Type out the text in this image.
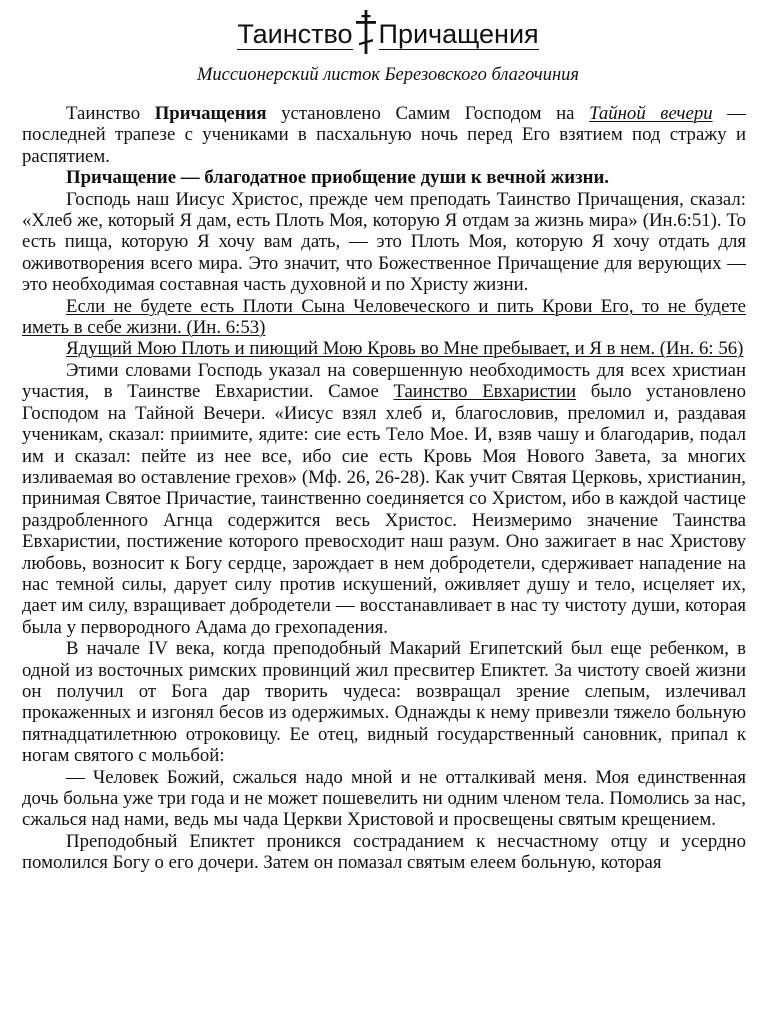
Таинство Причащения
Миссионерский листок Березовского благочиния

Таинство Причащения установлено Самим Господом на Тайной вечери — последней трапезе с учениками в пасхальную ночь перед Его взятием под стражу и распятием.

Причащение — благодатное приобщение души к вечной жизни.

Господь наш Иисус Христос, прежде чем преподать Таинство Причащения, сказал: «Хлеб же, который Я дам, есть Плоть Моя, которую Я отдам за жизнь мира» (Ин.6:51). То есть пища, которую Я хочу вам дать, — это Плоть Моя, которую Я хочу отдать для оживотворения всего мира. Это значит, что Божественное Причащение для верующих — это необходимая составная часть духовной и по Христу жизни.

Если не будете есть Плоти Сына Человеческого и пить Крови Его, то не будете иметь в себе жизни. (Ин. 6:53)

Ядущий Мою Плоть и пиющий Мою Кровь во Мне пребывает, и Я в нем. (Ин. 6: 56)

Этими словами Господь указал на совершенную необходимость для всех христиан участия, в Таинстве Евхаристии. Самое Таинство Евхаристии было установлено Господом на Тайной Вечери. «Иисус взял хлеб и, благословив, преломил и, раздавая ученикам, сказал: приимите, ядите: сие есть Тело Мое. И, взяв чашу и благодарив, подал им и сказал: пейте из нее все, ибо сие есть Кровь Моя Нового Завета, за многих изливаемая во оставление грехов» (Мф. 26, 26-28). Как учит Святая Церковь, христианин, принимая Святое Причастие, таинственно соединяется со Христом, ибо в каждой частице раздробленного Агнца содержится весь Христос. Неизмеримо значение Таинства Евхаристии, постижение которого превосходит наш разум. Оно зажигает в нас Христову любовь, возносит к Богу сердце, зарождает в нем добродетели, сдерживает нападение на нас темной силы, дарует силу против искушений, оживляет душу и тело, исцеляет их, дает им силу, взращивает добродетели — восстанавливает в нас ту чистоту души, которая была у первородного Адама до грехопадения.

В начале IV века, когда преподобный Макарий Египетский был еще ребенком, в одной из восточных римских провинций жил пресвитер Епиктет. За чистоту своей жизни он получил от Бога дар творить чудеса: возвращал зрение слепым, излечивал прокаженных и изгонял бесов из одержимых. Однажды к нему привезли тяжело больную пятнадцатилетнюю отроковицу. Ее отец, видный государственный сановник, припал к ногам святого с мольбой:

— Человек Божий, сжалься надо мной и не отталкивай меня. Моя единственная дочь больна уже три года и не может пошевелить ни одним членом тела. Помолись за нас, сжалься над нами, ведь мы чада Церкви Христовой и просвещены святым крещением.

Преподобный Епиктет проникся состраданием к несчастному отцу и усердно помолился Богу о его дочери. Затем он помазал святым елеем больную, которая
